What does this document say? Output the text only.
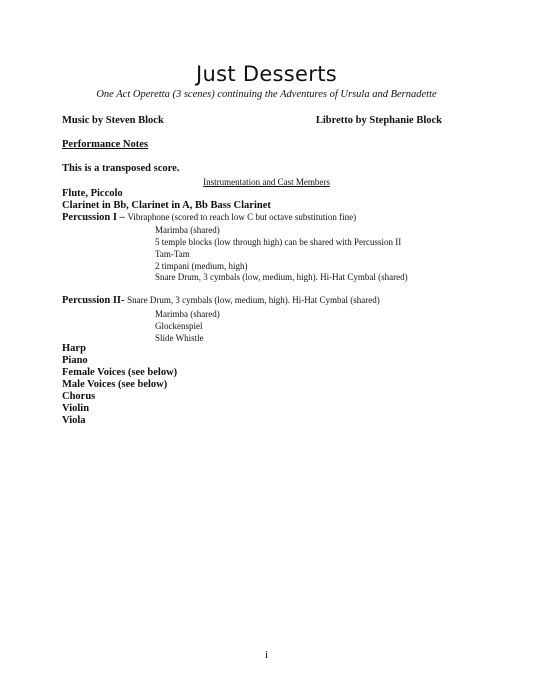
Just Desserts
One Act Operetta (3 scenes) continuing the Adventures of Ursula and Bernadette
Music by Steven Block	Libretto by Stephanie Block
Performance Notes
This is a transposed score.
Instrumentation and Cast Members
Flute, Piccolo
Clarinet in Bb, Clarinet in A, Bb Bass Clarinet
Percussion I – Vibraphone (scored to reach low C but octave substitution fine)
Marimba (shared)
5 temple blocks (low through high) can be shared with Percussion II
Tam-Tam
2 timpani (medium, high)
Snare Drum, 3 cymbals (low, medium, high). Hi-Hat Cymbal (shared)
Percussion II- Snare Drum, 3 cymbals (low, medium, high). Hi-Hat Cymbal (shared)
Marimba (shared)
Glockenspiel
Slide Whistle
Harp
Piano
Female Voices (see below)
Male Voices (see below)
Chorus
Violin
Viola
i
